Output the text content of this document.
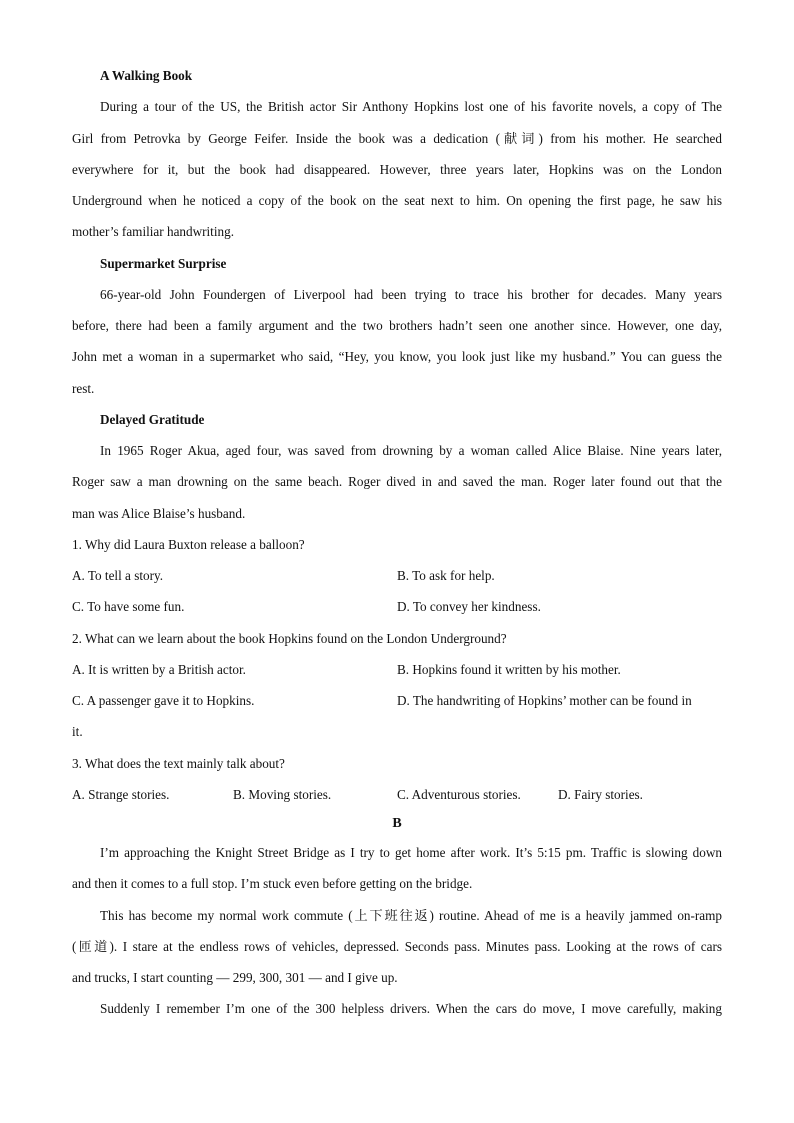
A Walking Book
During a tour of the US, the British actor Sir Anthony Hopkins lost one of his favorite novels, a copy of The
Girl from Petrovka by George Feifer. Inside the book was a dedication (献词) from his mother. He searched
everywhere for it, but the book had disappeared. However, three years later, Hopkins was on the London
Underground when he noticed a copy of the book on the seat next to him. On opening the first page, he saw his
mother’s familiar handwriting.
Supermarket Surprise
66-year-old John Foundergen of Liverpool had been trying to trace his brother for decades. Many years
before, there had been a family argument and the two brothers hadn’t seen one another since. However, one day,
John met a woman in a supermarket who said, “Hey, you know, you look just like my husband.” You can guess the
rest.
Delayed Gratitude
In 1965 Roger Akua, aged four, was saved from drowning by a woman called Alice Blaise. Nine years later,
Roger saw a man drowning on the same beach. Roger dived in and saved the man. Roger later found out that the
man was Alice Blaise’s husband.
1. Why did Laura Buxton release a balloon?
A. To tell a story.	B. To ask for help.
C. To have some fun.	D. To convey her kindness.
2. What can we learn about the book Hopkins found on the London Underground?
A. It is written by a British actor.	B. Hopkins found it written by his mother.
C. A passenger gave it to Hopkins.	D. The handwriting of Hopkins’ mother can be found in
it.
3. What does the text mainly talk about?
A. Strange stories.	B. Moving stories.	C. Adventurous stories.	D. Fairy stories.
B
I’m approaching the Knight Street Bridge as I try to get home after work. It’s 5:15 pm. Traffic is slowing down
and then it comes to a full stop. I’m stuck even before getting on the bridge.
This has become my normal work commute (上下班往返) routine. Ahead of me is a heavily jammed on-ramp
(匝道). I stare at the endless rows of vehicles, depressed. Seconds pass. Minutes pass. Looking at the rows of cars
and trucks, I start counting — 299, 300, 301 — and I give up.
Suddenly I remember I’m one of the 300 helpless drivers. When the cars do move, I move carefully, making
